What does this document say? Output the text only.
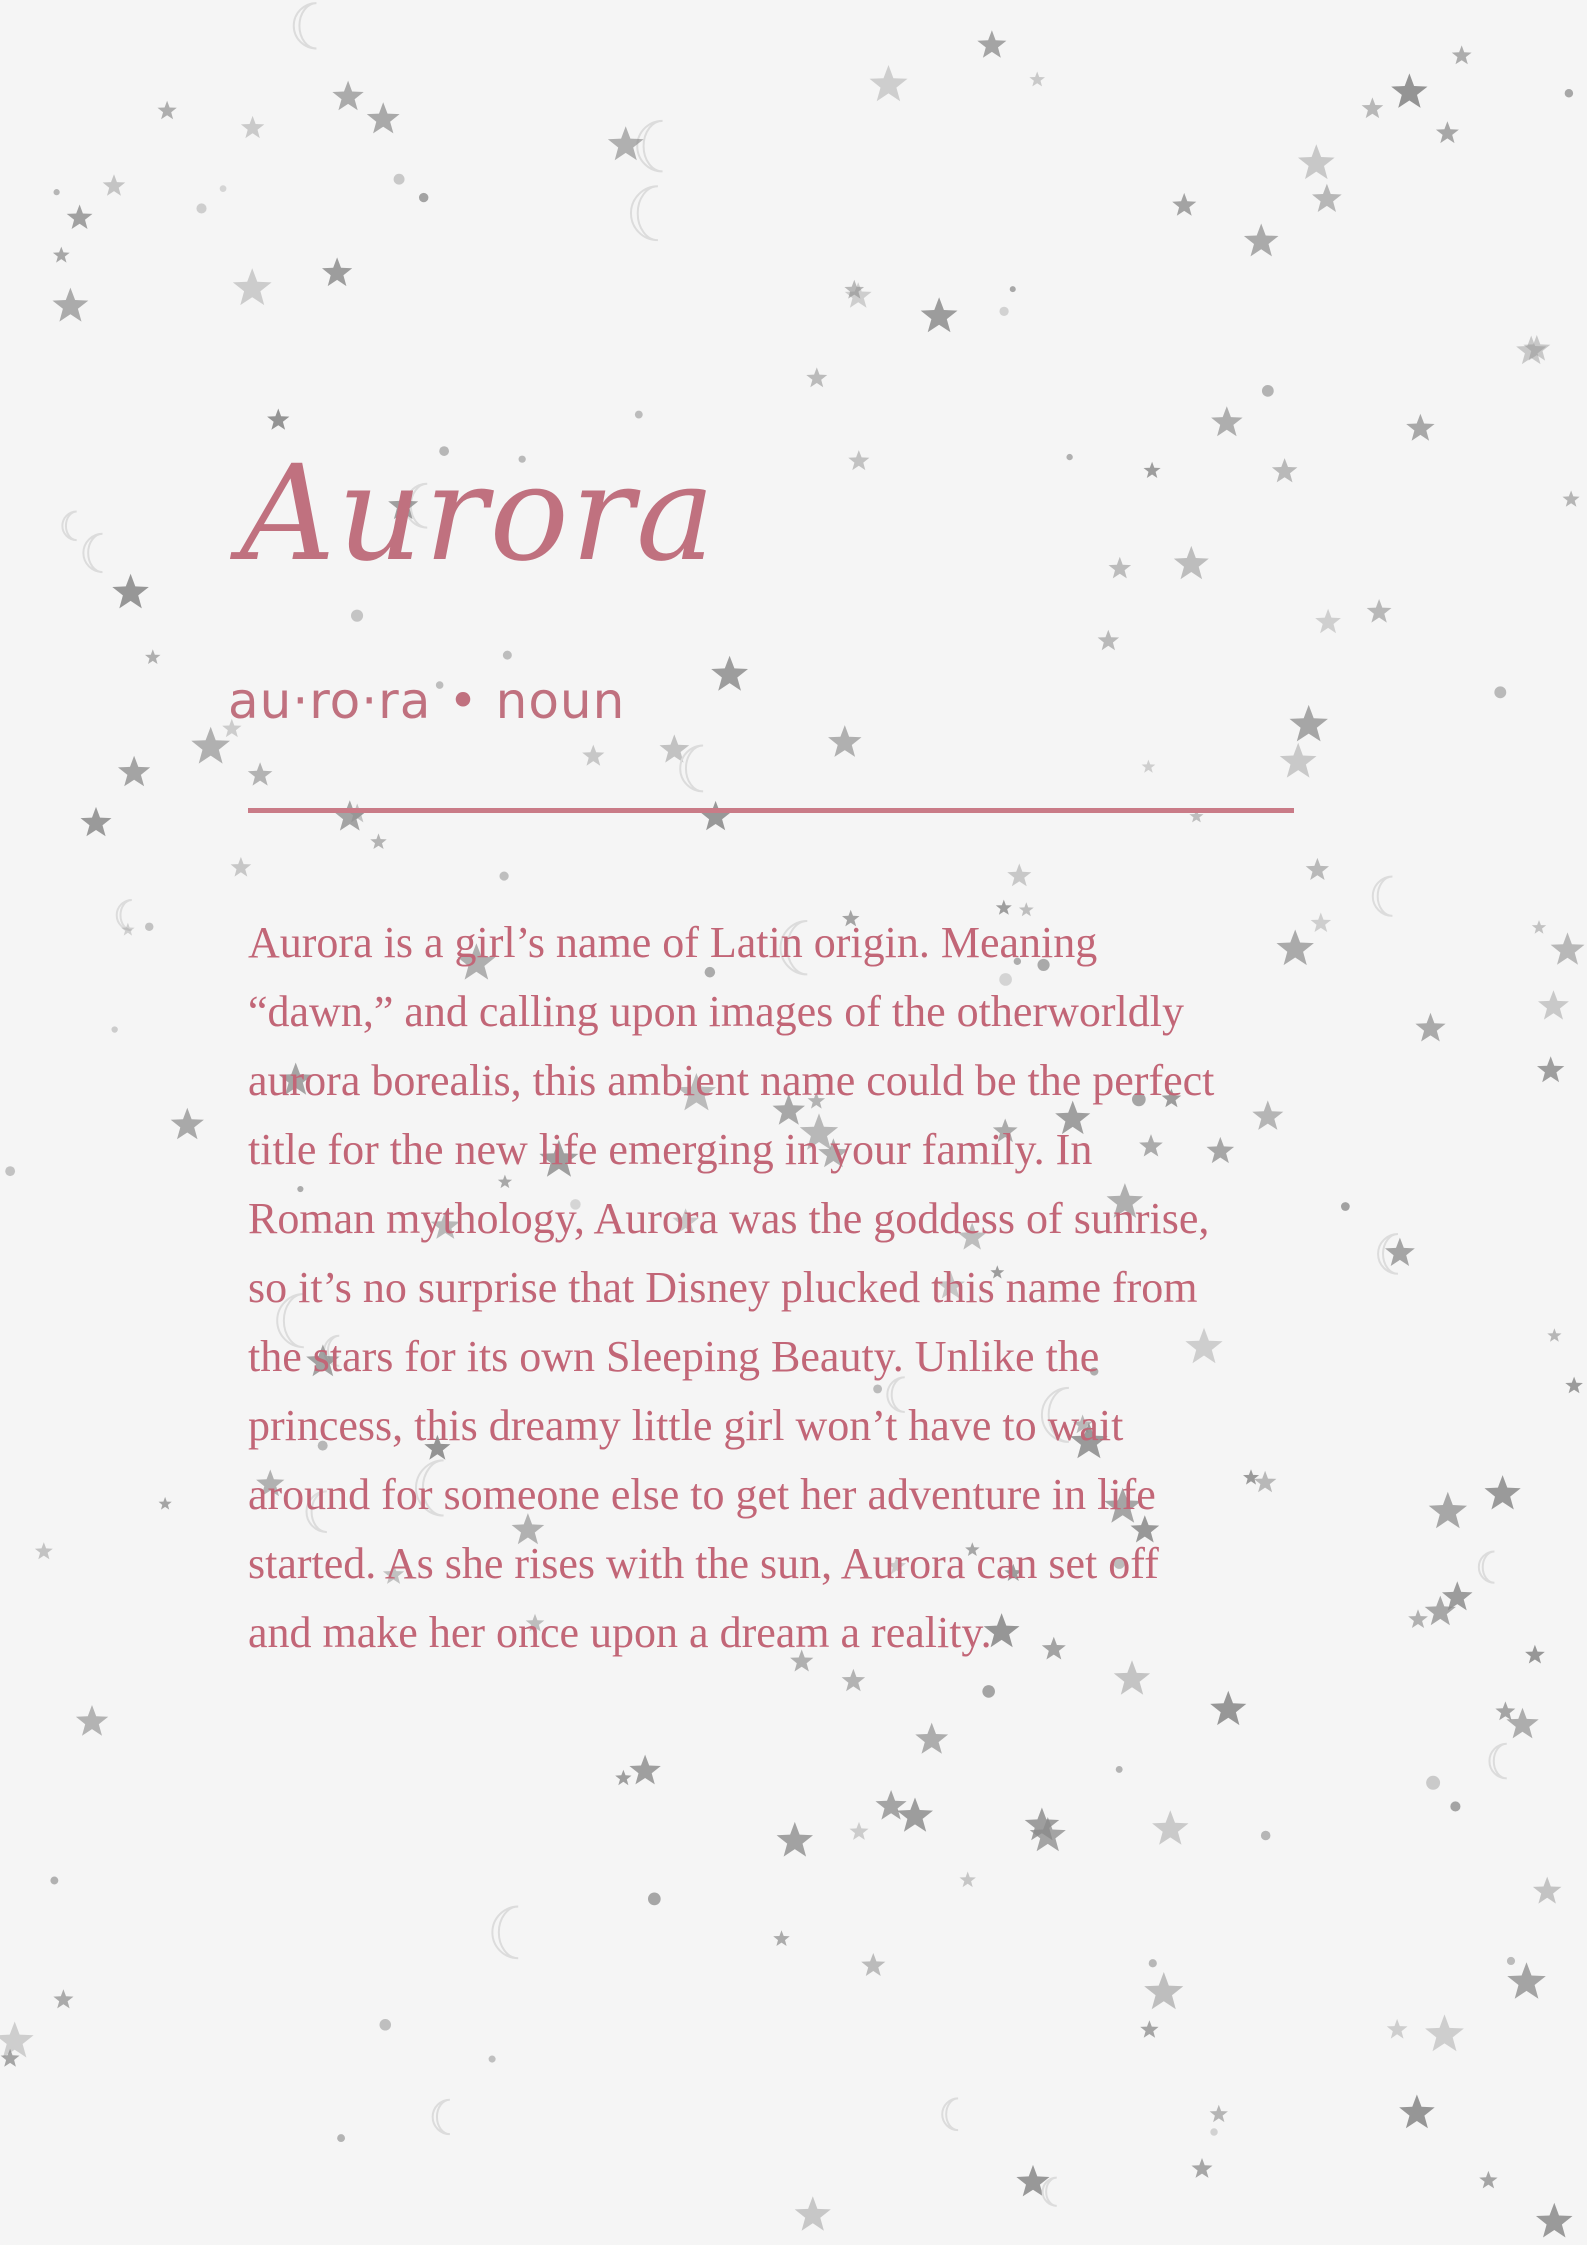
Aurora
au·ro·ra • noun

Aurora is a girl’s name of Latin origin. Meaning
“dawn,” and calling upon images of the otherworldly
aurora borealis, this ambient name could be the perfect
title for the new life emerging in your family. In
Roman mythology, Aurora was the goddess of sunrise,
so it’s no surprise that Disney plucked this name from
the stars for its own Sleeping Beauty. Unlike the
princess, this dreamy little girl won’t have to wait
around for someone else to get her adventure in life
started. As she rises with the sun, Aurora can set off
and make her once upon a dream a reality.
